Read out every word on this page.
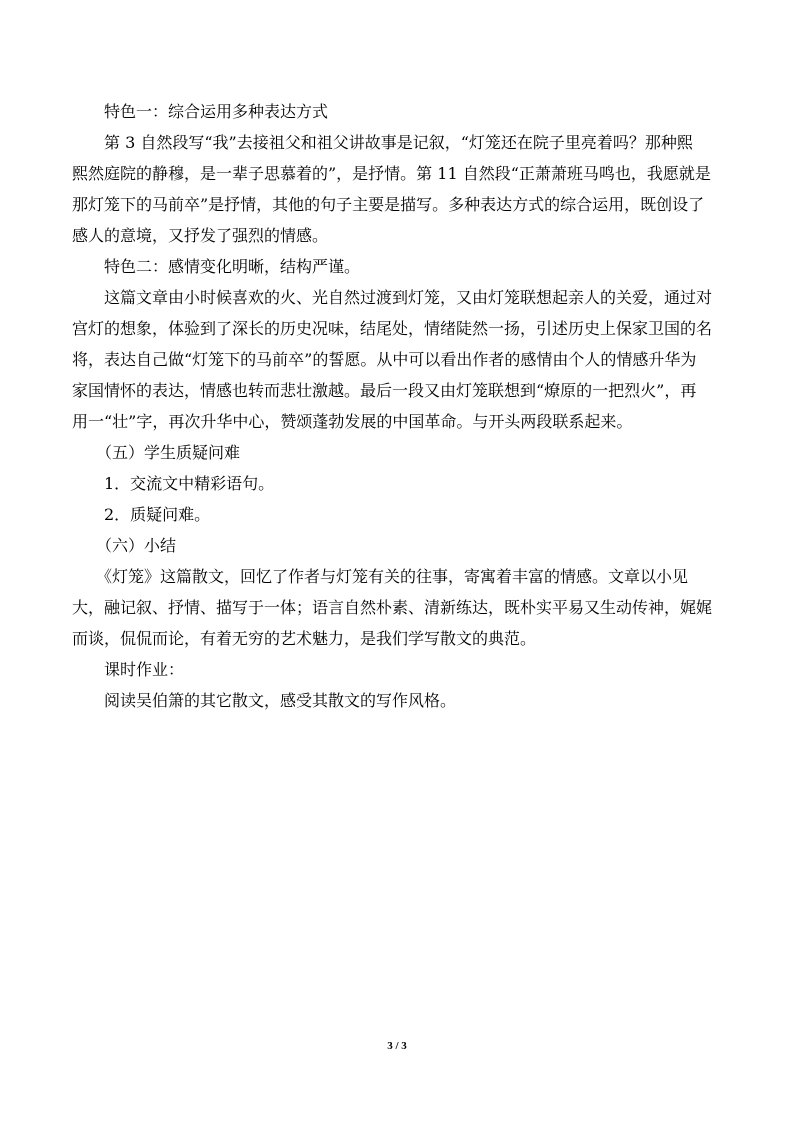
特色一：综合运用多种表达方式

第 3 自然段写“我”去接祖父和祖父讲故事是记叙，“灯笼还在院子里亮着吗？那种熙
熙然庭院的静穆，是一辈子思慕着的”，是抒情。第 11 自然段“正萧萧班马鸣也，我愿就是
那灯笼下的马前卒”是抒情，其他的句子主要是描写。多种表达方式的综合运用，既创设了
感人的意境，又抒发了强烈的情感。

特色二：感情变化明晰，结构严谨。

这篇文章由小时候喜欢的火、光自然过渡到灯笼，又由灯笼联想起亲人的关爱，通过对
宫灯的想象，体验到了深长的历史况味，结尾处，情绪陡然一扬，引述历史上保家卫国的名
将，表达自己做“灯笼下的马前卒”的誓愿。从中可以看出作者的感情由个人的情感升华为
家国情怀的表达，情感也转而悲壮激越。最后一段又由灯笼联想到“燎原的一把烈火”，再
用一“壮”字，再次升华中心，赞颂蓬勃发展的中国革命。与开头两段联系起来。

（五）学生质疑问难

1．交流文中精彩语句。

2．质疑问难。

（六）小结

《灯笼》这篇散文，回忆了作者与灯笼有关的往事，寄寓着丰富的情感。文章以小见
大，融记叙、抒情、描写于一体；语言自然朴素、清新练达，既朴实平易又生动传神，娓娓
而谈，侃侃而论，有着无穷的艺术魅力，是我们学写散文的典范。

课时作业：

阅读吴伯箫的其它散文，感受其散文的写作风格。

3 / 3
